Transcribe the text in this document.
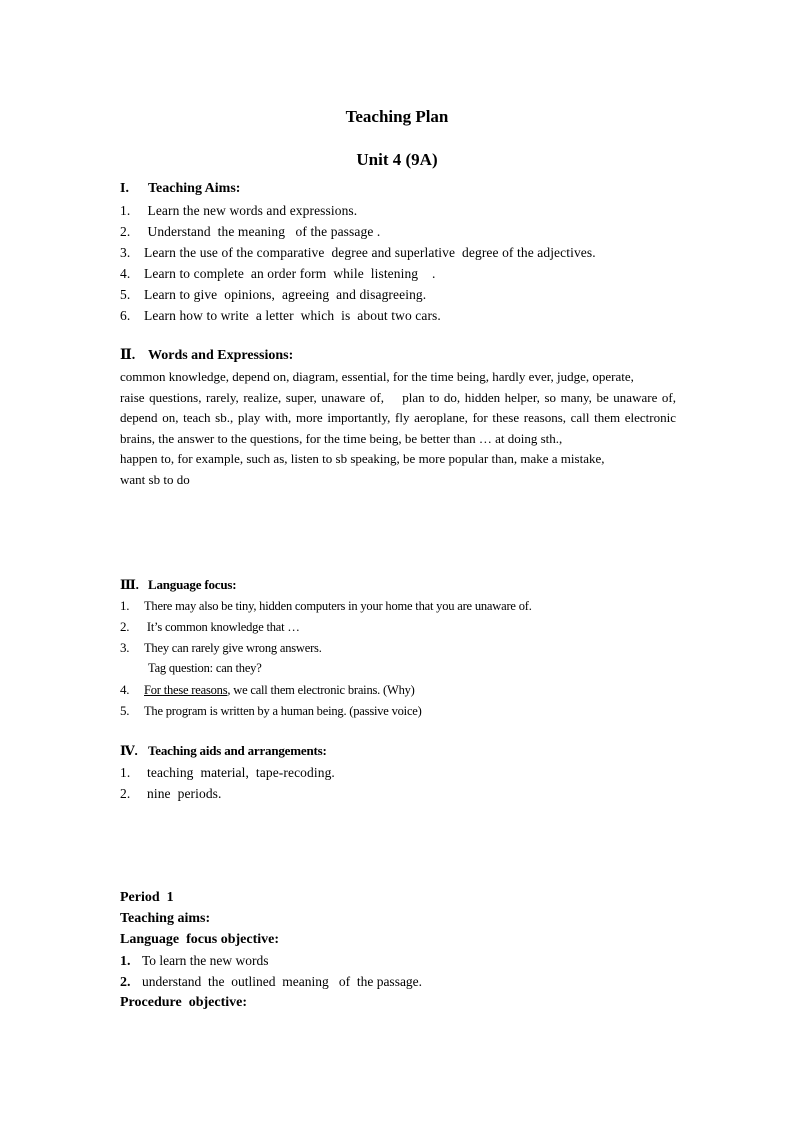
Teaching Plan
Unit 4 (9A)
I. Teaching Aims:
1. Learn the new words and expressions.
2. Understand  the meaning   of the passage .
3. Learn the use of the comparative  degree and superlative  degree of the adjectives.
4. Learn to complete  an order form  while  listening    .
5. Learn to give  opinions,  agreeing  and disagreeing.
6. Learn how to write  a letter  which  is  about two cars.
Ⅱ. Words and Expressions:

common knowledge, depend on, diagram, essential, for the time being, hardly ever, judge, operate,

raise questions, rarely, realize, super, unaware of,    plan to do, hidden helper, so many, be unaware of, depend on, teach sb., play with, more importantly, fly aeroplane, for these reasons, call them electronic brains, the answer to the questions, for the time being, be better than … at doing sth.,

happen to, for example, such as, listen to sb speaking, be more popular than, make a mistake,

want sb to do

Ⅲ. Language focus:
1. There may also be tiny, hidden computers in your home that you are unaware of.
2. It’s common knowledge that …
3. They can rarely give wrong answers.
Tag question: can they?
4. For these reasons, we call them electronic brains. (Why)
5. The program is written by a human being. (passive voice)
Ⅳ. Teaching aids and arrangements:
1. teaching  material,  tape-recoding.
2. nine  periods.
Period  1
Teaching aims:
Language  focus objective:
1. To learn the new words
2. understand  the  outlined  meaning   of  the passage.
Procedure  objective:
